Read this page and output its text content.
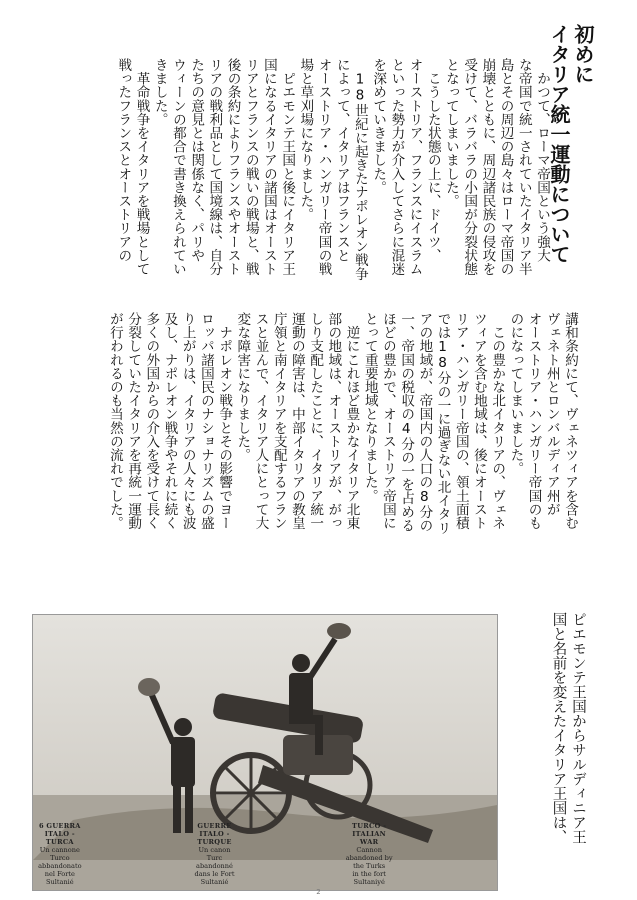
初めに
イタリア統一運動について
　かつて、ローマ帝国という強大
な帝国で統一されていたイタリア半
島とその周辺の島々はローマ帝国の
崩壊とともに、周辺諸民族の侵攻を
受けて、バラバラの小国が分裂状態
となってしまいました。
　こうした状態の上に、ドイツ、
オーストリア、フランスにイスラム
といった勢力が介入してさらに混迷
を深めていきました。
　18世紀に起きたナポレオン戦争
によって、イタリアはフランスと
オーストリア・ハンガリー帝国の戦
場と草刈場になりました。
　ピエモンテ王国と後にイタリア王
国になるイタリアの諸国はオースト
リアとフランスの戦いの戦場と、戦
後の条約によりフランスやオースト
リアの戦利品として国境線は、自分
たちの意見とは関係なく、パリや
ウィーンの都合で書き換えられてい
きました。
　革命戦争をイタリアを戦場として
戦ったフランスとオーストリアの
講和条約にて、ヴェネツィアを含む
ヴェネト州とロンバルディア州が
オーストリア・ハンガリー帝国のも
のになってしまいました。
　この豊かな北イタリアの、ヴェネ
ツィアを含む地域は、後にオースト
リア・ハンガリー帝国の、領土面積
では18分の一に過ぎない北イタリ
アの地域が、帝国内の人口の8分の
一、帝国の税収の4分の一を占める
ほどの豊かで、オーストリア帝国に
とって重要地域となりました。
　逆にこれほど豊かなイタリア北東
部の地域は、オーストリアが、がっ
しり支配したことに、イタリア統一
運動の障害は、中部イタリアの教皇
庁領と南イタリアを支配するフラン
スと並んで、イタリア人にとって大
変な障害になりました。
　ナポレオン戦争とその影響でヨー
ロッパ諸国民のナショナリズムの盛
り上がりは、イタリアの人々にも波
及し、ナポレオン戦争やそれに続く
多くの外国からの介入を受けて長く
分裂していたイタリアを再統一運動
が行われるのも当然の流れでした。
ピエモンテ王国からサルディニア王
国と名前を変えたイタリア王国は、
6 GUERRA ITALO - TURCA
Un cannone Turco abbandonato
nel Forte Sultanié
GUERRE ITALO - TURQUE
Un canon Turc abandonné
dans le Fort Sultanié
TURCO - ITALIAN WAR
Cannon abandoned by the Turks
in the fort Sultaniyé
2
